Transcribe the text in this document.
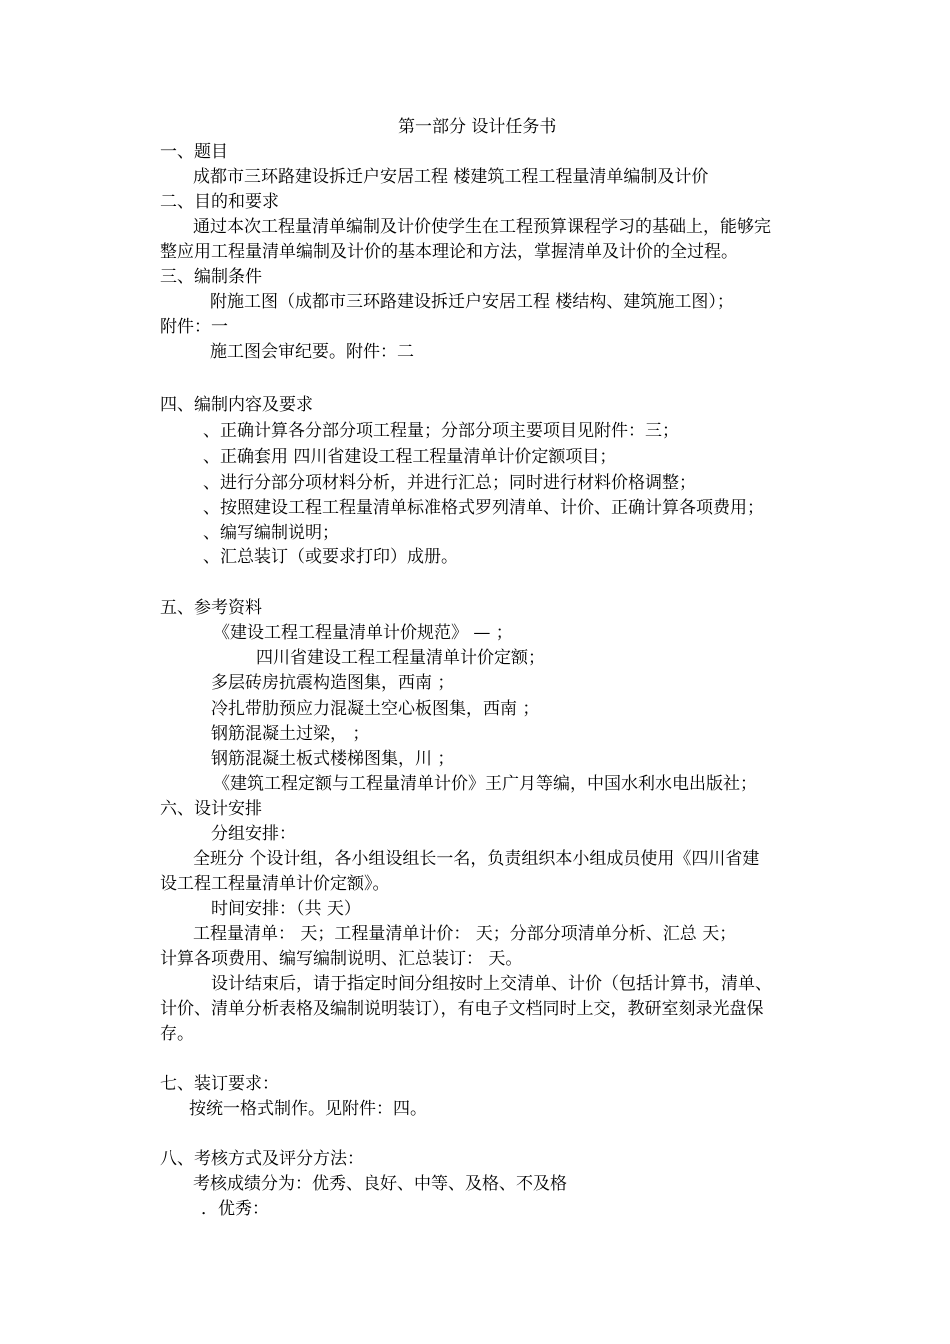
第一部分 设计任务书
一、题目
成都市三环路建设拆迁户安居工程 楼建筑工程工程量清单编制及计价
二、目的和要求
通过本次工程量清单编制及计价使学生在工程预算课程学习的基础上，能够完
整应用工程量清单编制及计价的基本理论和方法，掌握清单及计价的全过程。
三、编制条件
附施工图（成都市三环路建设拆迁户安居工程 楼结构、建筑施工图）；
附件：一
施工图会审纪要。附件：二
四、编制内容及要求
、正确计算各分部分项工程量；分部分项主要项目见附件：三；
、正确套用 四川省建设工程工程量清单计价定额项目；
、进行分部分项材料分析，并进行汇总；同时进行材料价格调整；
、按照建设工程工程量清单标准格式罗列清单、计价、正确计算各项费用；
、编写编制说明；
、汇总装订（或要求打印）成册。
五、参考资料
《建设工程工程量清单计价规范》 — ；
四川省建设工程工程量清单计价定额；
多层砖房抗震构造图集，西南 ；
冷扎带肋预应力混凝土空心板图集，西南 ；
钢筋混凝土过梁， ；
钢筋混凝土板式楼梯图集，川 ；
《建筑工程定额与工程量清单计价》王广月等编，中国水利水电出版社；
六、设计安排
分组安排：
全班分 个设计组，各小组设组长一名，负责组织本小组成员使用《四川省建
设工程工程量清单计价定额》。
时间安排：（共 天）
工程量清单： 天；工程量清单计价： 天；分部分项清单分析、汇总 天；
计算各项费用、编写编制说明、汇总装订： 天。
设计结束后，请于指定时间分组按时上交清单、计价（包括计算书，清单、
计价、清单分析表格及编制说明装订），有电子文档同时上交，教研室刻录光盘保
存。
七、装订要求：
按统一格式制作。见附件：四。
八、考核方式及评分方法：
考核成绩分为：优秀、良好、中等、及格、不及格
．优秀：
